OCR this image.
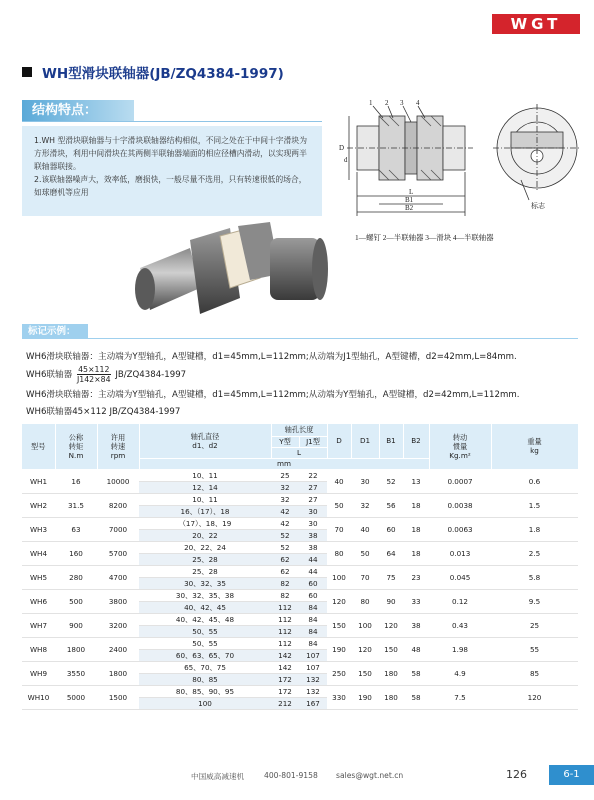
WGT
WH型滑块联轴器(JB/ZQ4384-1997)
结构特点：

1.WH 型滑块联轴器与十字滑块联轴器结构相似，不同之处在于中间十字滑块为方形滑块，利用中间滑块在其两侧半联轴器端面的相应径槽内滑动，以实现两半联轴器联接。

2.该联轴器噪声大，效率低，磨损快，一般尽量不选用，只有转速很低的场合，如球磨机等应用

1 2 3 4
D
d
B1
B2
L
标志
1—螺钉 2—半联轴器 3—滑块 4—半联轴器
标记示例：
WH6滑块联轴器：主动端为Y型轴孔，A型键槽，d1=45mm,L=112mm;从动端为J1型轴孔，A型键槽，d2=42mm,L=84mm.
WH6联轴器 $\frac{45\times 112}{J142\times 84} JB/ZQ4384-1997$
WH6滑块联轴器：主动端为Y型轴孔，A型键槽，d1=45mm,L=112mm;从动端为Y型轴孔，A型键槽，d2=42mm,L=112mm.
WH6联轴器45×112 JB/ZQ4384-1997
型号	公称
转矩
N.m	许用
转速
rpm	轴孔直径
d1、d2	轴孔长度		D	D1	B1	B2	转动
惯量
Kg.m²	重量
kg
				Y型	J1型						
				L							
			mm								
WH1	16	10000	10、11	25	22	40	30	52	13	0.0007	0.6
			12、14	32	27						
WH2	31.5	8200	10、11	32	27	50	32	56	18	0.0038	1.5
			16、（17）、18	42	30						
WH3	63	7000	（17）、18、19	42	30	70	40	60	18	0.0063	1.8
			20、22	52	38						
WH4	160	5700	20、22、24	52	38	80	50	64	18	0.013	2.5
			25、28	62	44						
WH5	280	4700	25、28	62	44	100	70	75	23	0.045	5.8
			30、32、35	82	60						
WH6	500	3800	30、32、35、38	82	60	120	80	90	33	0.12	9.5
			40、42、45	112	84						
WH7	900	3200	40、42、45、48	112	84	150	100	120	38	0.43	25
			50、55	112	84						
WH8	1800	2400	50、55	112	84	190	120	150	48	1.98	55
			60、63、65、70	142	107						
WH9	3550	1800	65、70、75	142	107	250	150	180	58	4.9	85
			80、85	172	132						
WH10	5000	1500	80、85、90、95	172	132	330	190	180	58	7.5	120
			100	212	167						
中国威高减速机	400-801-9158 sales@wgt.net.cn	126	6-1
